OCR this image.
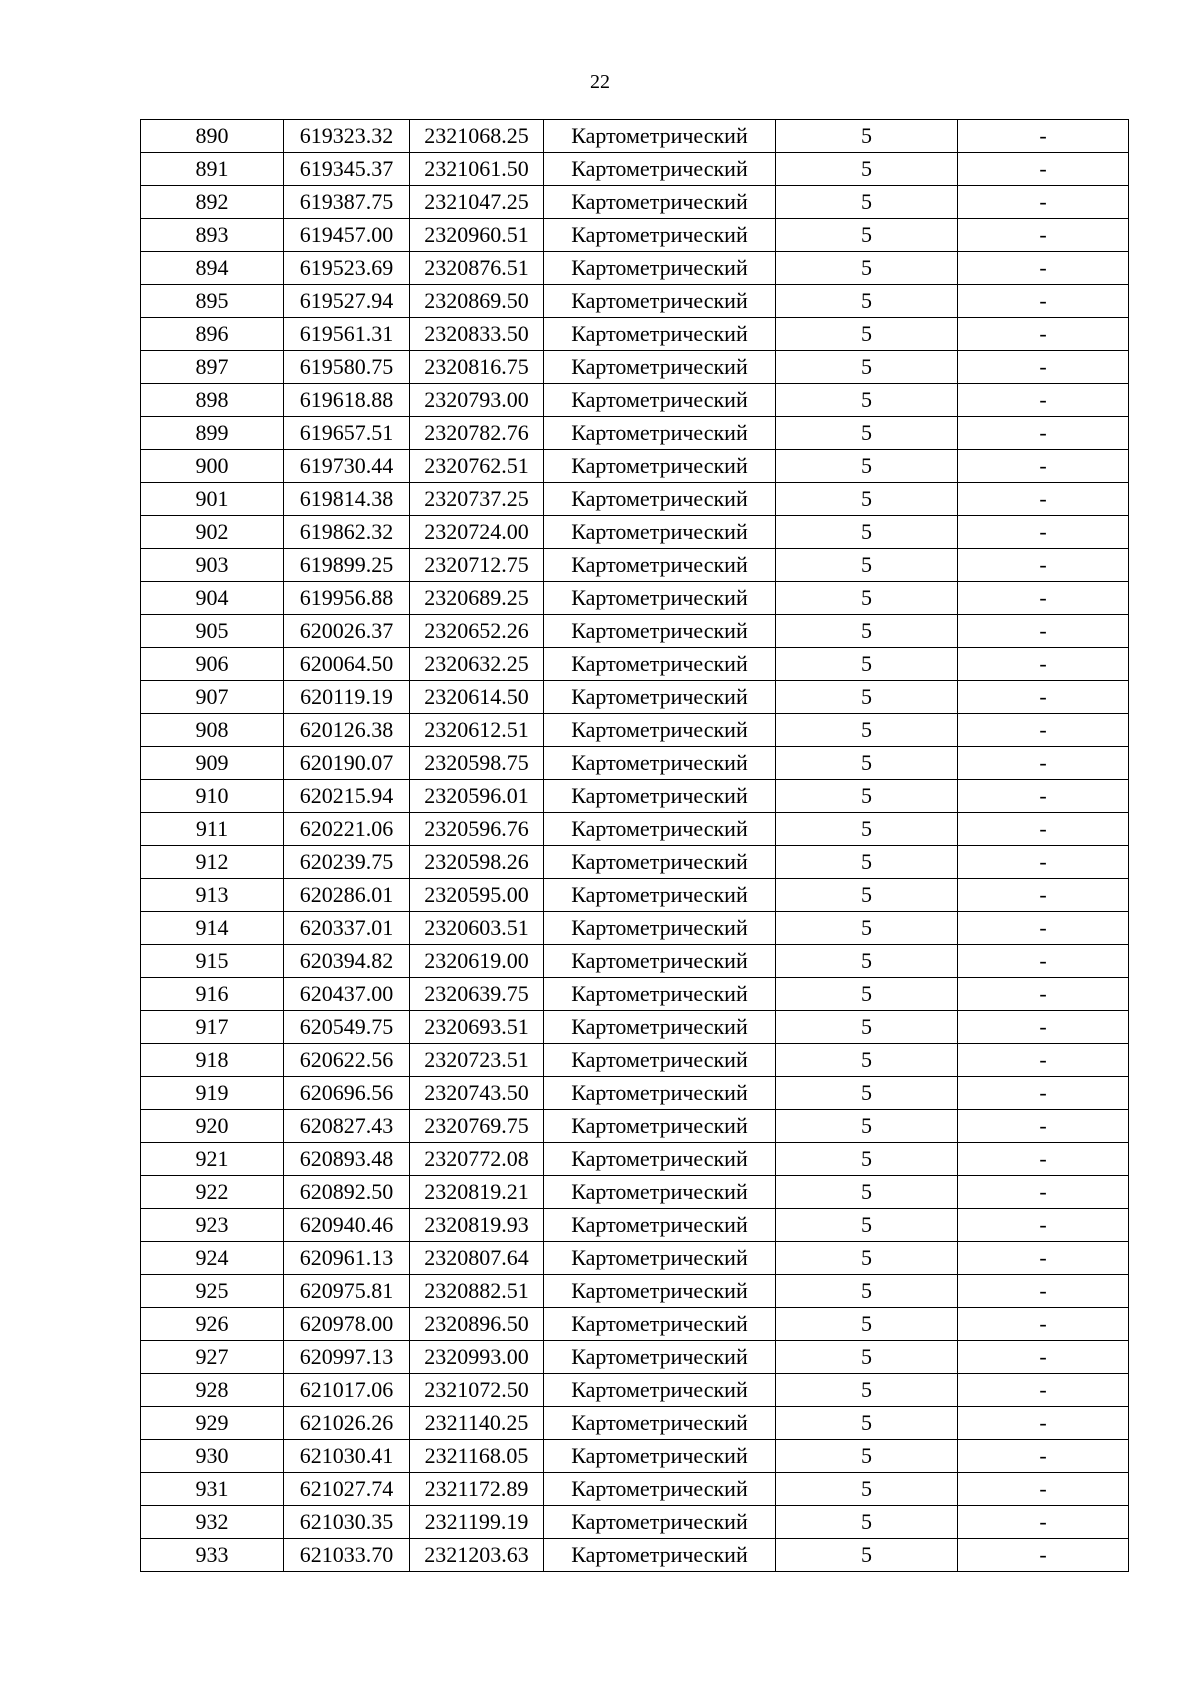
22
890	619323.32	2321068.25	Картометрический	5	-
891	619345.37	2321061.50	Картометрический	5	-
892	619387.75	2321047.25	Картометрический	5	-
893	619457.00	2320960.51	Картометрический	5	-
894	619523.69	2320876.51	Картометрический	5	-
895	619527.94	2320869.50	Картометрический	5	-
896	619561.31	2320833.50	Картометрический	5	-
897	619580.75	2320816.75	Картометрический	5	-
898	619618.88	2320793.00	Картометрический	5	-
899	619657.51	2320782.76	Картометрический	5	-
900	619730.44	2320762.51	Картометрический	5	-
901	619814.38	2320737.25	Картометрический	5	-
902	619862.32	2320724.00	Картометрический	5	-
903	619899.25	2320712.75	Картометрический	5	-
904	619956.88	2320689.25	Картометрический	5	-
905	620026.37	2320652.26	Картометрический	5	-
906	620064.50	2320632.25	Картометрический	5	-
907	620119.19	2320614.50	Картометрический	5	-
908	620126.38	2320612.51	Картометрический	5	-
909	620190.07	2320598.75	Картометрический	5	-
910	620215.94	2320596.01	Картометрический	5	-
911	620221.06	2320596.76	Картометрический	5	-
912	620239.75	2320598.26	Картометрический	5	-
913	620286.01	2320595.00	Картометрический	5	-
914	620337.01	2320603.51	Картометрический	5	-
915	620394.82	2320619.00	Картометрический	5	-
916	620437.00	2320639.75	Картометрический	5	-
917	620549.75	2320693.51	Картометрический	5	-
918	620622.56	2320723.51	Картометрический	5	-
919	620696.56	2320743.50	Картометрический	5	-
920	620827.43	2320769.75	Картометрический	5	-
921	620893.48	2320772.08	Картометрический	5	-
922	620892.50	2320819.21	Картометрический	5	-
923	620940.46	2320819.93	Картометрический	5	-
924	620961.13	2320807.64	Картометрический	5	-
925	620975.81	2320882.51	Картометрический	5	-
926	620978.00	2320896.50	Картометрический	5	-
927	620997.13	2320993.00	Картометрический	5	-
928	621017.06	2321072.50	Картометрический	5	-
929	621026.26	2321140.25	Картометрический	5	-
930	621030.41	2321168.05	Картометрический	5	-
931	621027.74	2321172.89	Картометрический	5	-
932	621030.35	2321199.19	Картометрический	5	-
933	621033.70	2321203.63	Картометрический	5	-
